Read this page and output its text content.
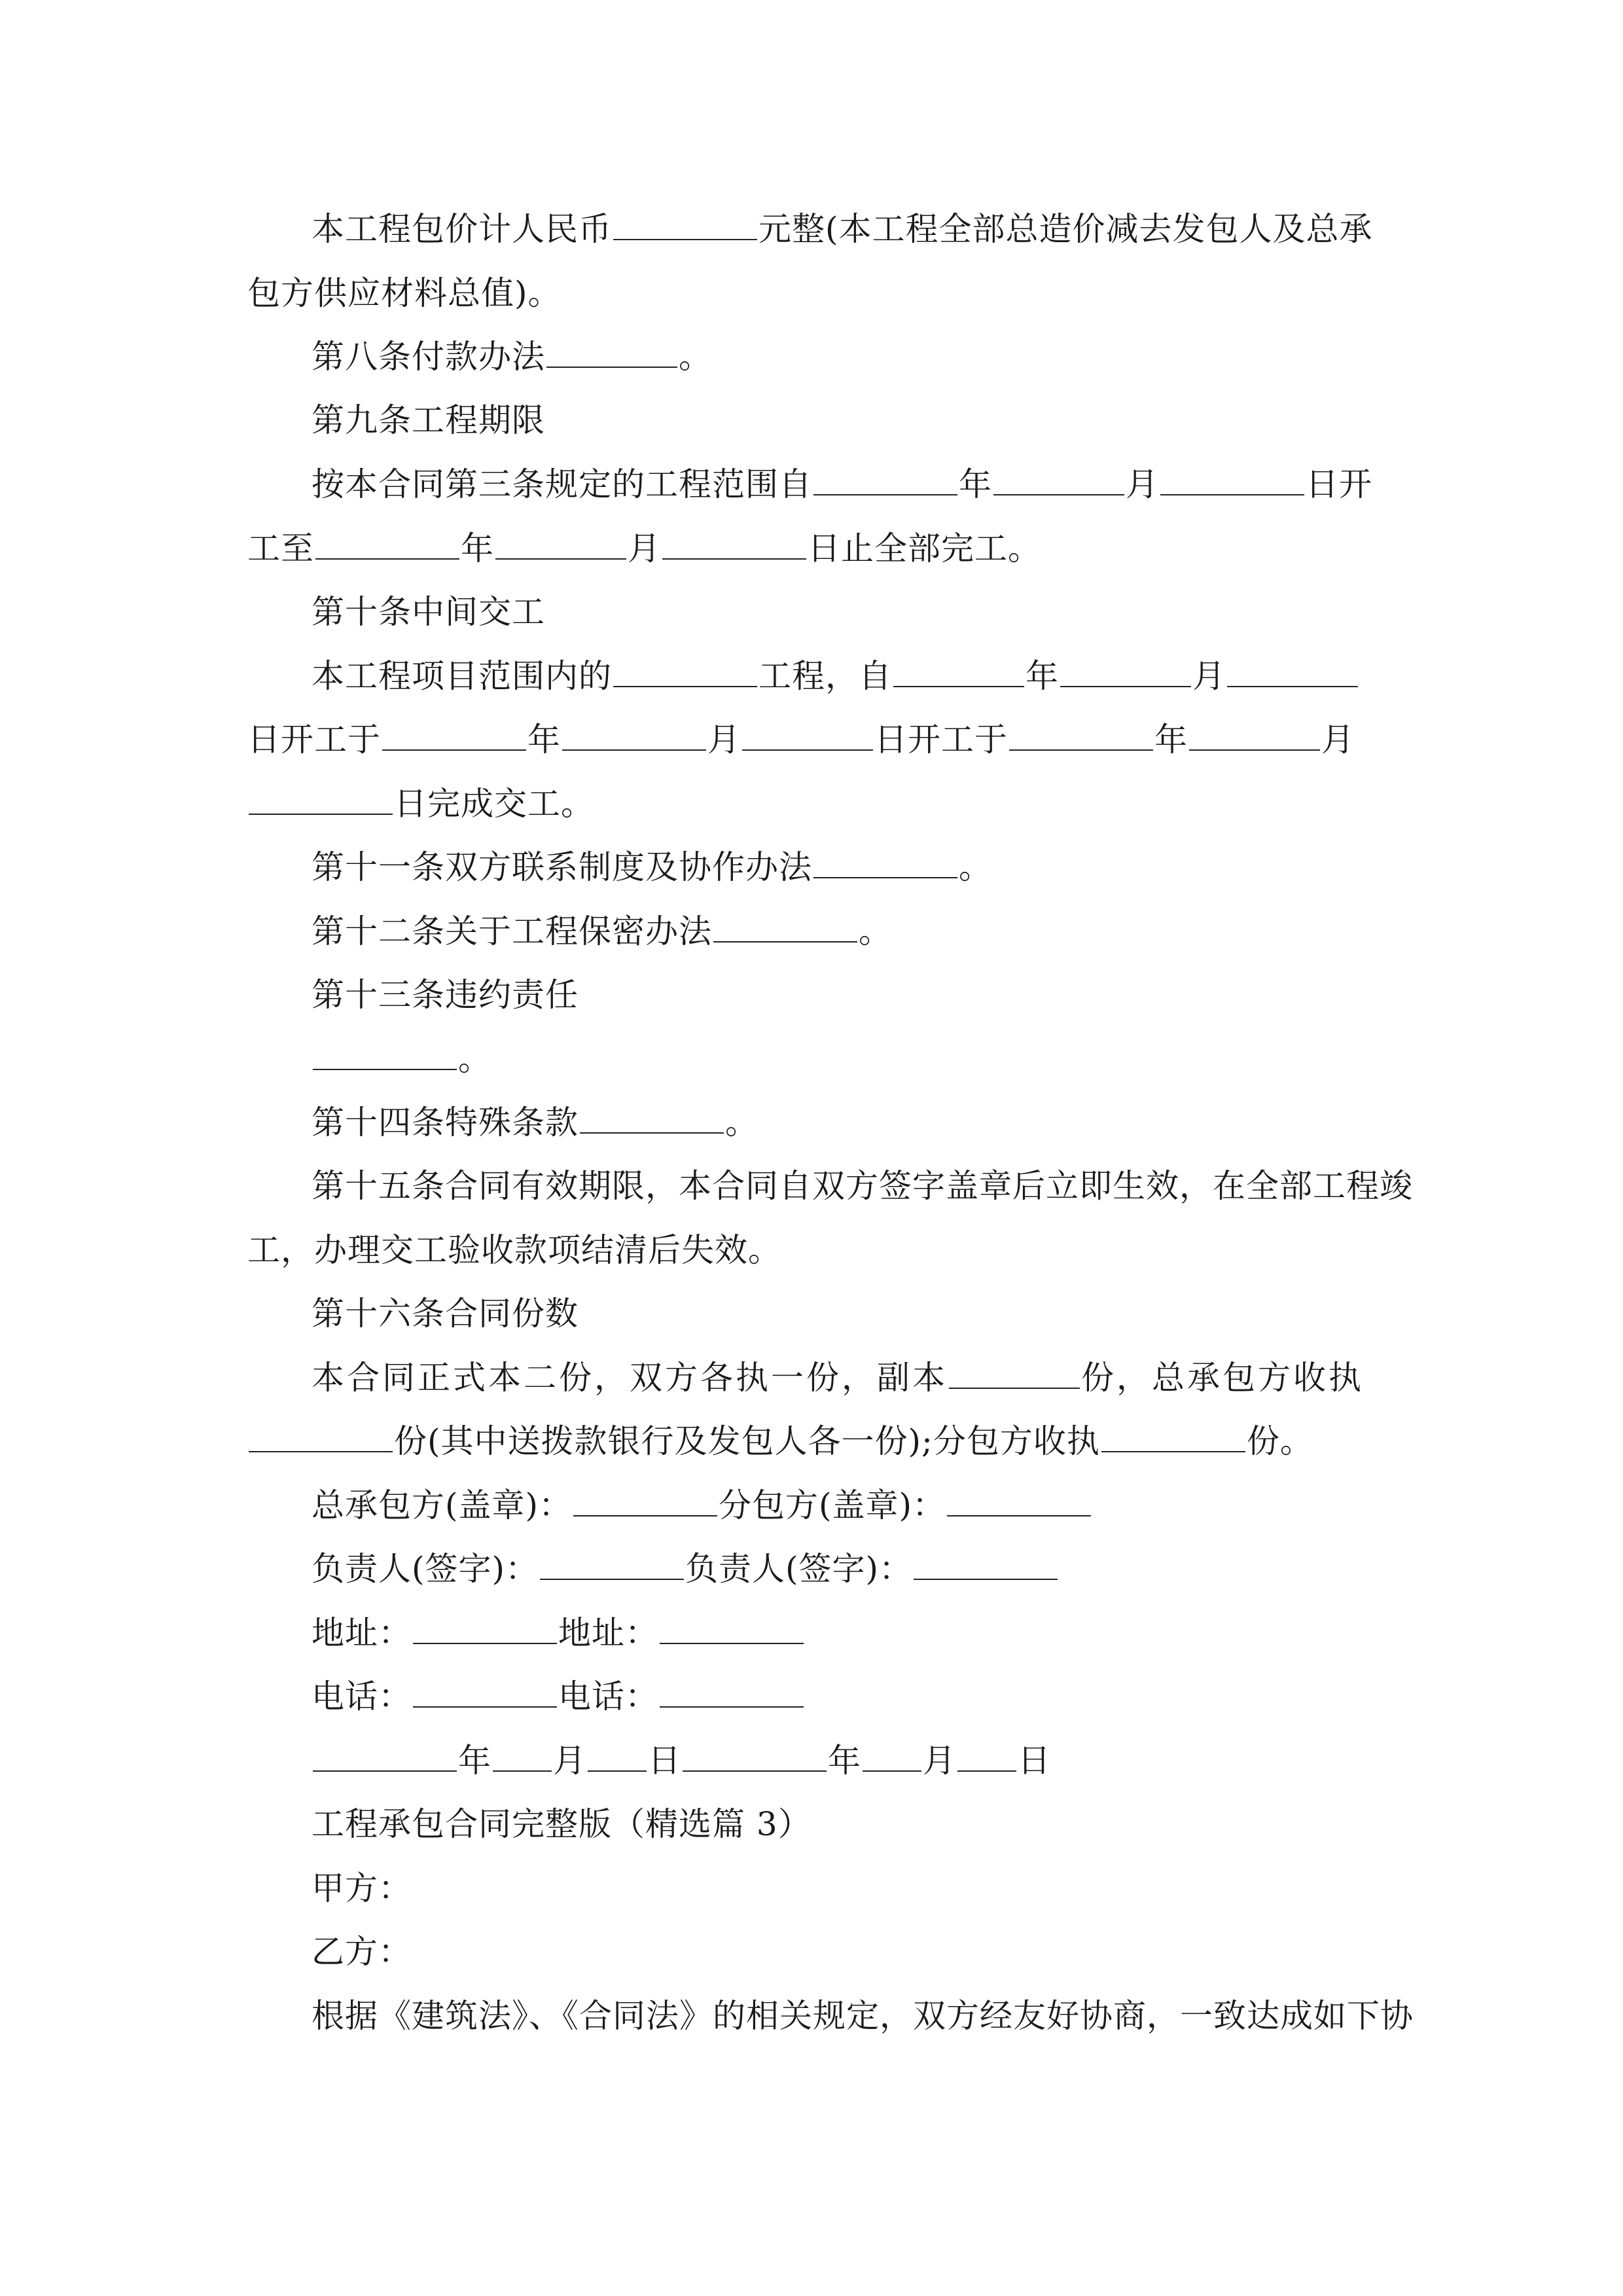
本工程包价计人民币	元整(本工程全部总造价减去发包人及总承
包方供应材料总值)。
第八条付款办法	。
第九条工程期限
按本合同第三条规定的工程范围自	年	月	日开
工至	年	月	日止全部完工。
第十条中间交工
本工程项目范围内的	工程，自	年	月
日开工于	年	月	日开工于	年	月
日完成交工。
第十一条双方联系制度及协作办法	。
第十二条关于工程保密办法	。
第十三条违约责任
。
第十四条特殊条款	。
第十五条合同有效期限，本合同自双方签字盖章后立即生效，在全部工程竣
工，办理交工验收款项结清后失效。
第十六条合同份数
本合同正式本二份，双方各执一份，副本	份，总承包方收执
份(其中送拨款银行及发包人各一份);分包方收执	份。
总承包方(盖章)：	分包方(盖章)：
负责人(签字)：	负责人(签字)：
地址：	地址：
电话：	电话：
年 月 日	年 月 日
工程承包合同完整版（精选篇 3）
甲方：
乙方：
根据《建筑法》、《合同法》的相关规定，双方经友好协商，一致达成如下协
